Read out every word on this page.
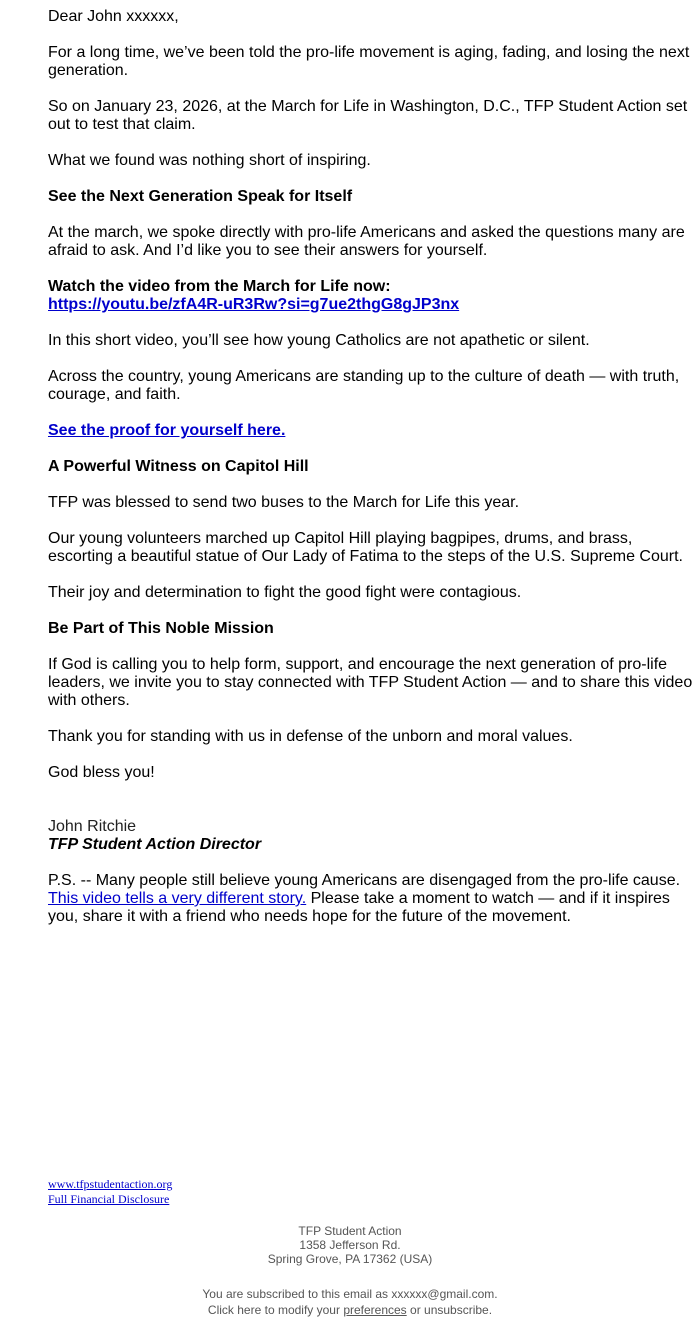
Dear John xxxxxx,

For a long time, we’ve been told the pro-life movement is aging, fading, and losing the next generation.

So on January 23, 2026, at the March for Life in Washington, D.C., TFP Student Action set out to test that claim.

What we found was nothing short of inspiring.

See the Next Generation Speak for Itself

At the march, we spoke directly with pro-life Americans and asked the questions many are afraid to ask. And I’d like you to see their answers for yourself.

Watch the video from the March for Life now:
https://youtu.be/zfA4R-uR3Rw?si=g7ue2thgG8gJP3nx

In this short video, you’ll see how young Catholics are not apathetic or silent.

Across the country, young Americans are standing up to the culture of death — with truth, courage, and faith.

See the proof for yourself here.

A Powerful Witness on Capitol Hill

TFP was blessed to send two buses to the March for Life this year.

Our young volunteers marched up Capitol Hill playing bagpipes, drums, and brass, escorting a beautiful statue of Our Lady of Fatima to the steps of the U.S. Supreme Court.

Their joy and determination to fight the good fight were contagious.

Be Part of This Noble Mission

If God is calling you to help form, support, and encourage the next generation of pro-life leaders, we invite you to stay connected with TFP Student Action — and to share this video with others.

Thank you for standing with us in defense of the unborn and moral values.

God bless you!

John Ritchie

TFP Student Action Director

P.S. -- Many people still believe young Americans are disengaged from the pro-life cause.
This video tells a very different story. Please take a moment to watch — and if it inspires you, share it with a friend who needs hope for the future of the movement.

www.tfpstudentaction.org
Full Financial Disclosure
TFP Student Action
1358 Jefferson Rd.
Spring Grove, PA 17362 (USA)
You are subscribed to this email as xxxxxx@gmail.com.
Click here to modify your preferences or unsubscribe.
